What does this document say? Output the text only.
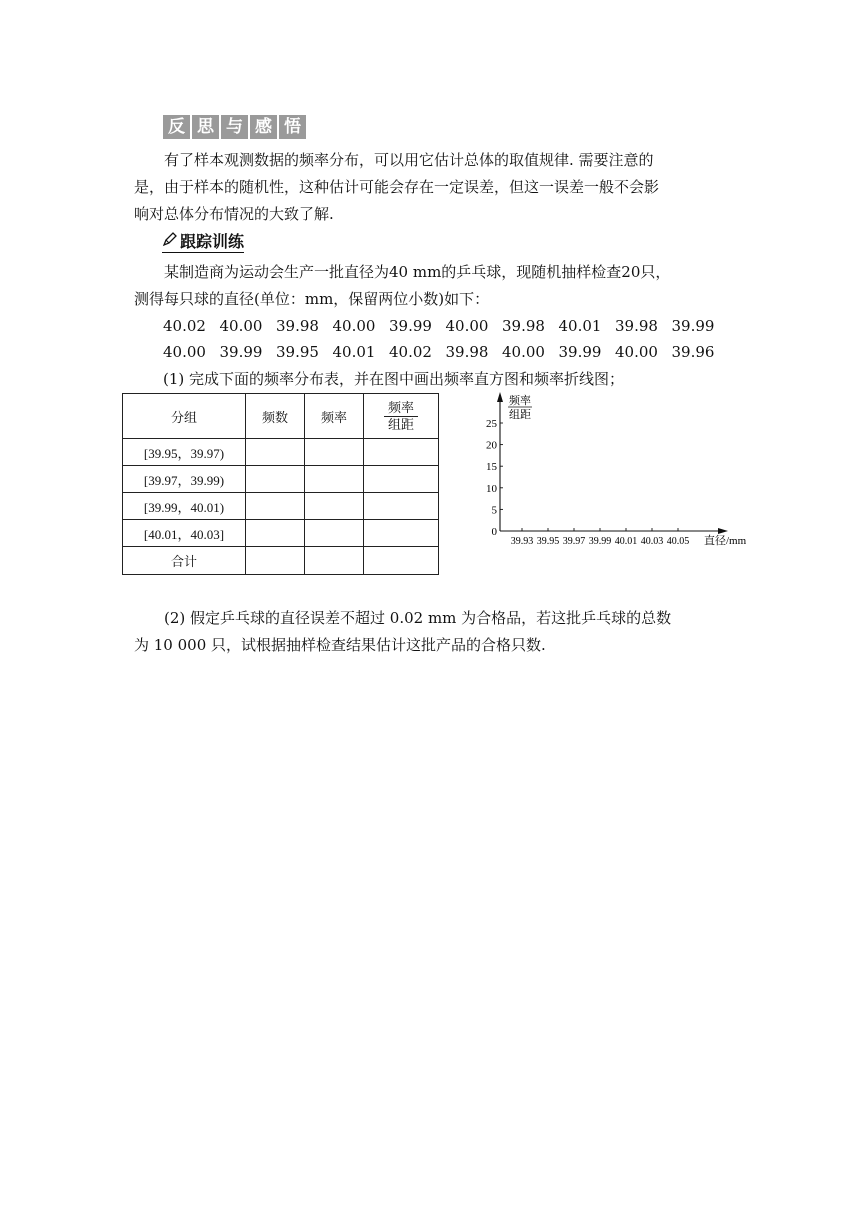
反 思 与 感 悟
有了样本观测数据的频率分布，可以用它估计总体的取值规律. 需要注意的
是，由于样本的随机性，这种估计可能会存在一定误差，但这一误差一般不会影
响对总体分布情况的大致了解.
跟踪训练
某制造商为运动会生产一批直径为40 mm的乒乓球，现随机抽样检查20只，
测得每只球的直径(单位：mm，保留两位小数)如下：
40.02 40.00 39.98 40.00 39.99 40.00 39.98 40.01 39.98 39.99
40.00 39.99 39.95 40.01 40.02 39.98 40.00 39.99 40.00 39.96
(1) 完成下面的频率分布表，并在图中画出频率直方图和频率折线图；
分组	频数	频率	$\frac{\text{频率}}{\text{组距}}$

[39.95，39.97)			
[39.97，39.99)			
[39.99，40.01)			
[40.01，40.03]			
合计			
频率
组距
直径/mm
0
5
10
15
20
25
39.93 39.95 39.97 39.99 40.01 40.03 40.05
(2) 假定乒乓球的直径误差不超过 0.02 mm 为合格品，若这批乒乓球的总数
为 10 000 只，试根据抽样检查结果估计这批产品的合格只数.
